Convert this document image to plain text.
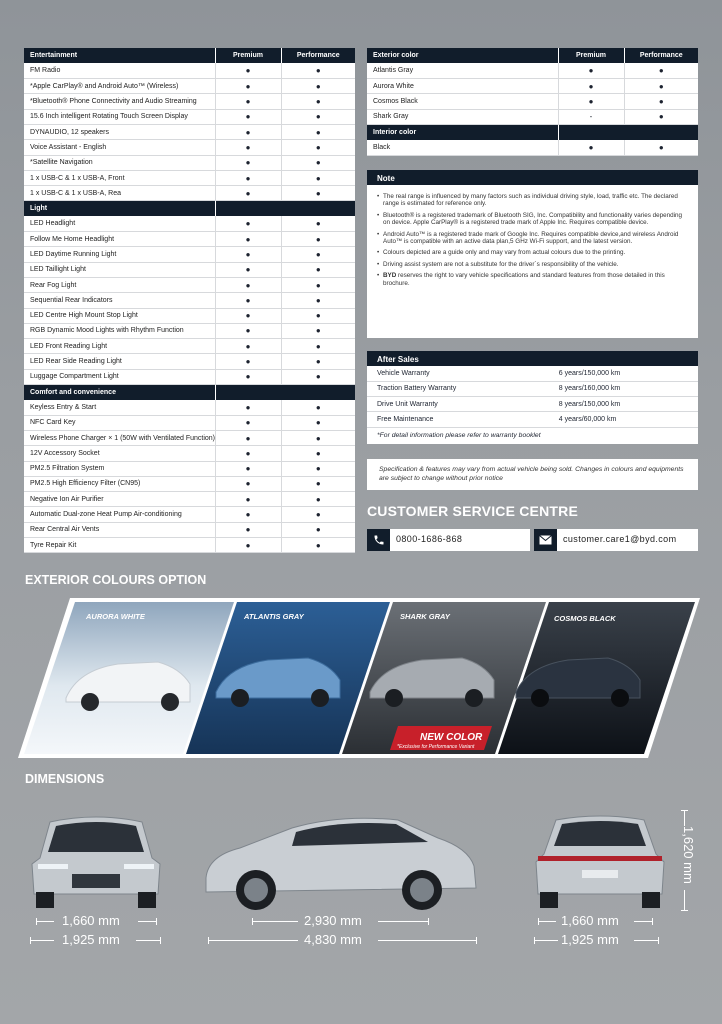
Entertainment	Premium	Performance
FM Radio	●	●
*Apple CarPlay® and Android Auto™ (Wireless)	●	●
*Bluetooth® Phone Connectivity and Audio Streaming	●	●
15.6 Inch intelligent Rotating Touch Screen Display	●	●
DYNAUDIO, 12 speakers	●	●
Voice Assistant - English	●	●
*Satellite Navigation	●	●
1 x USB-C & 1 x USB-A, Front	●	●
1 x USB-C & 1 x USB-A, Rea	●	●
Light		
LED Headlight	●	●
Follow Me Home Headlight	●	●
LED Daytime Running Light	●	●
LED Taillight Light	●	●
Rear Fog Light	●	●
Sequential Rear Indicators	●	●
LED Centre High Mount Stop Light	●	●
RGB Dynamic Mood Lights with Rhythm Function	●	●
LED Front Reading Light	●	●
LED Rear Side Reading Light	●	●
Luggage Compartment Light	●	●
Comfort and convenience		
Keyless Entry & Start	●	●
NFC Card Key	●	●
Wireless Phone Charger × 1 (50W with Ventilated Function)	●	●
12V Accessory Socket	●	●
PM2.5 Filtration System	●	●
PM2.5 High Efficiency Filter (CN95)	●	●
Negative Ion Air Purifier	●	●
Automatic Dual-zone Heat Pump Air-conditioning	●	●
Rear Central Air Vents	●	●
Tyre Repair Kit	●	●
Exterior color	Premium	Performance
Atlantis Gray	●	●
Aurora White	●	●
Cosmos Black	●	●
Shark Gray	-	●
Interior color		
Black	●	●
Note
• The real range is influenced by many factors such as individual driving style, load, traffic etc. The declared range is estimated for reference only.
• Bluetooth® is a registered trademark of Bluetooth SIG, Inc. Compatibility and functionality varies depending on device. Apple CarPlay® is a registered trade mark of Apple Inc. Requires compatible device.
• Android Auto™ is a registered trade mark of Google Inc. Requires compatible device,and wireless Android Auto™ is compatible with an active data plan,5 GHz Wi-Fi support, and the latest version.
• Colours depicted are a guide only and may vary from actual colours due to the printing.
• Driving assist system are not a substitute for the driver´s responsibility of the vehicle.
• BYD reserves the right to vary vehicle specifications and standard features from those detailed in this brochure.
After Sales
Vehicle Warranty	6 years/150,000 km
Traction Battery Warranty	8 years/160,000 km
Drive Unit Warranty	8 years/150,000 km
Free Maintenance	4 years/60,000 km
*For detail information please refer to warranty booklet
Specification & features may vary from actual vehicle being sold. Changes in colours and equipments are subject to change without prior notice
CUSTOMER SERVICE CENTRE
0800-1686-868	customer.care1@byd.com
EXTERIOR COLOURS OPTION
AURORA WHITE	ATLANTIS GRAY	SHARK GRAY	COSMOS BLACK
NEW COLOR
*Exclusive for Performance Variant
DIMENSIONS
1,660 mm
1,925 mm
2,930 mm
4,830 mm
1,660 mm
1,925 mm
1,620 mm
